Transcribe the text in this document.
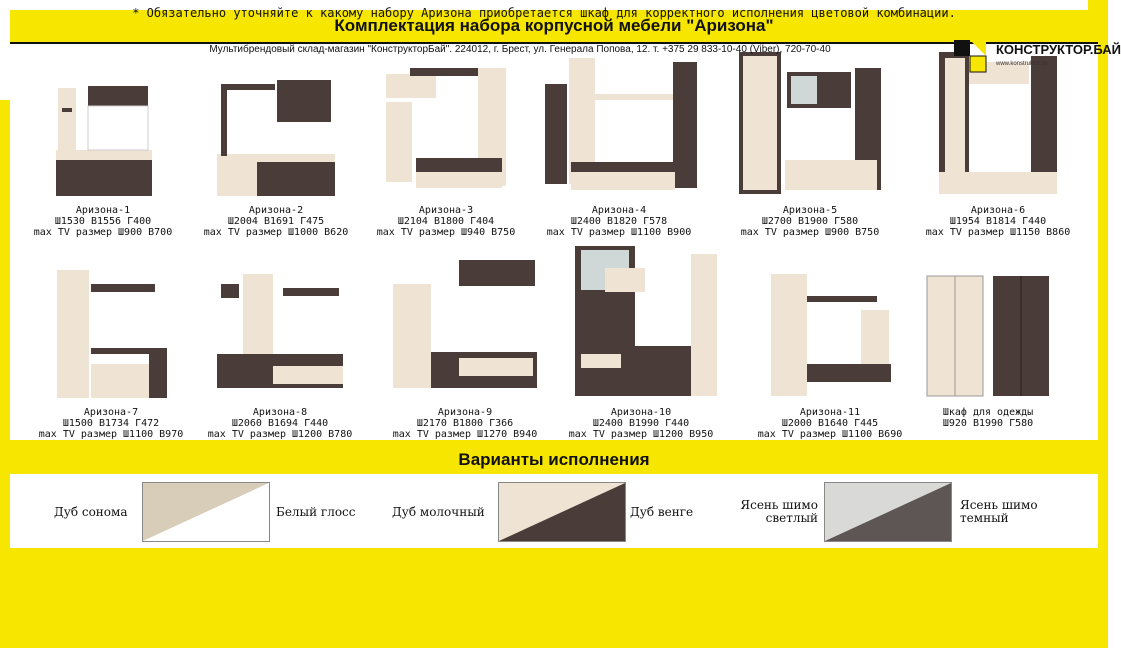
Комплектация набора корпусной мебели "Аризона"
Аризона-1
Ш1530 В1556 Г400
max TV размер Ш900 В700
Аризона-2
Ш2004 В1691 Г475
max TV размер Ш1000 В620
Аризона-3
Ш2104 В1800 Г404
max TV размер Ш940 В750
Аризона-4
Ш2400 В1820 Г578
max TV размер Ш1100 В900
Аризона-5
Ш2700 В1900 Г580
max TV размер Ш900 В750
Аризона-6
Ш1954 В1814 Г440
max TV размер Ш1150 В860
Аризона-7
Ш1500 В1734 Г472
max TV размер Ш1100 В970
Аризона-8
Ш2060 В1694 Г440
max TV размер Ш1200 В780
Аризона-9
Ш2170 В1800 Г366
max TV размер Ш1270 В940
Аризона-10
Ш2400 В1990 Г440
max TV размер Ш1200 В950
Аризона-11
Ш2000 В1640 Г445
max TV размер Ш1100 В690
Шкаф для одежды
Ш920 В1990 Г580
Варианты исполнения
Дуб сонома	Белый глосс	Дуб молочный	Дуб венге	Ясень шимо светлый
Ясень шимо темный
* Обязательно уточняйте к какому набору Аризона приобретается шкаф для корректного исполнения цветовой комбинации.
Мультибрендовый склад-магазин "КонструкторБай". 224012, г. Брест, ул. Генерала Попова, 12. т. +375 29 833-10-40 (Viber), 720-70-40	КОНСТРУКТОР.БАЙ
www.konstruktor.by
